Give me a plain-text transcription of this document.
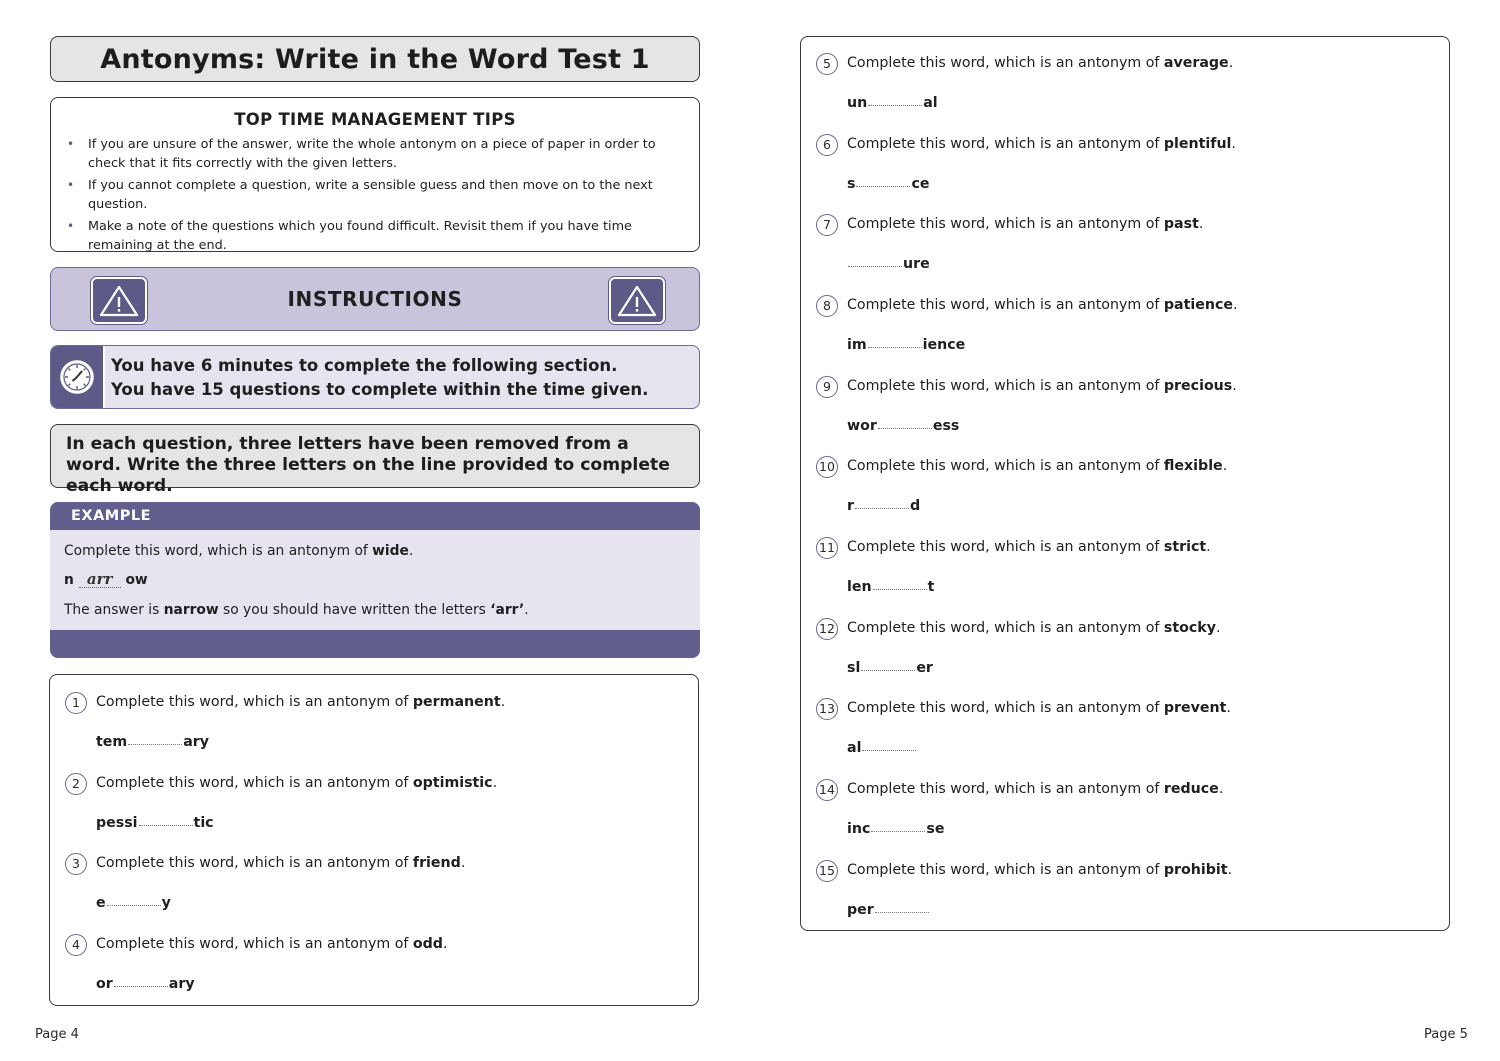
Antonyms: Write in the Word Test 1
TOP TIME MANAGEMENT TIPS
• If you are unsure of the answer, write the whole antonym on a piece of paper in order to check that it fits correctly with the given letters.
• If you cannot complete a question, write a sensible guess and then move on to the next question.
• Make a note of the questions which you found difficult. Revisit them if you have time remaining at the end.
INSTRUCTIONS
You have 6 minutes to complete the following section.
You have 15 questions to complete within the time given.
In each question, three letters have been removed from a word. Write the three letters on the line provided to complete each word.
EXAMPLE
Complete this word, which is an antonym of wide.
n arr ow
The answer is narrow so you should have written the letters ‘arr’.
1	Complete this word, which is an antonym of permanent.
tem	ary
2	Complete this word, which is an antonym of optimistic.
pessi	tic
3	Complete this word, which is an antonym of friend.
e	y
4	Complete this word, which is an antonym of odd.
or	ary
5	Complete this word, which is an antonym of average.
un	al
6	Complete this word, which is an antonym of plentiful.
s	ce
7	Complete this word, which is an antonym of past.
ure
8	Complete this word, which is an antonym of patience.
im	ience
9	Complete this word, which is an antonym of precious.
wor	ess
10 Complete this word, which is an antonym of flexible.
r	d
11 Complete this word, which is an antonym of strict.
len	t
12 Complete this word, which is an antonym of stocky.
sl	er
13 Complete this word, which is an antonym of prevent.
al
14 Complete this word, which is an antonym of reduce.
inc	se
15 Complete this word, which is an antonym of prohibit.
per
Page 4	Page 5
